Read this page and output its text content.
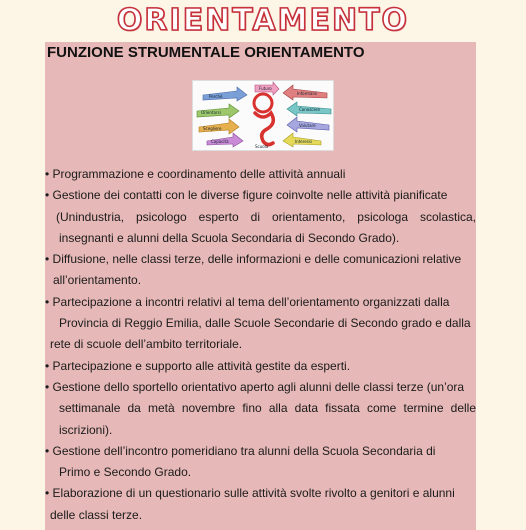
ORIENTAMENTO
FUNZIONE STRUMENTALE ORIENTAMENTO
Perché
Orientarsi
Scegliere
Informarsi
Conoscere
Valutare
Capacità	Interessi
Futuro
Scuola
• Programmazione e coordinamento delle attività annuali
• Gestione dei contatti con le diverse figure coinvolte nelle attività pianificate
(Unindustria, psicologo esperto di orientamento, psicologa scolastica,
insegnanti e alunni della Scuola Secondaria di Secondo Grado).
• Diffusione, nelle classi terze, delle informazioni e delle comunicazioni relative
all’orientamento.
• Partecipazione a incontri relativi al tema dell’orientamento organizzati dalla
Provincia di Reggio Emilia, dalle Scuole Secondarie di Secondo grado e dalla
rete di scuole dell’ambito territoriale.
• Partecipazione e supporto alle attività gestite da esperti.
• Gestione dello sportello orientativo aperto agli alunni delle classi terze (un’ora
settimanale da metà novembre fino alla data fissata come termine delle
iscrizioni).
• Gestione dell’incontro pomeridiano tra alunni della Scuola Secondaria di
Primo e Secondo Grado.
• Elaborazione di un questionario sulle attività svolte rivolto a genitori e alunni
delle classi terze.
